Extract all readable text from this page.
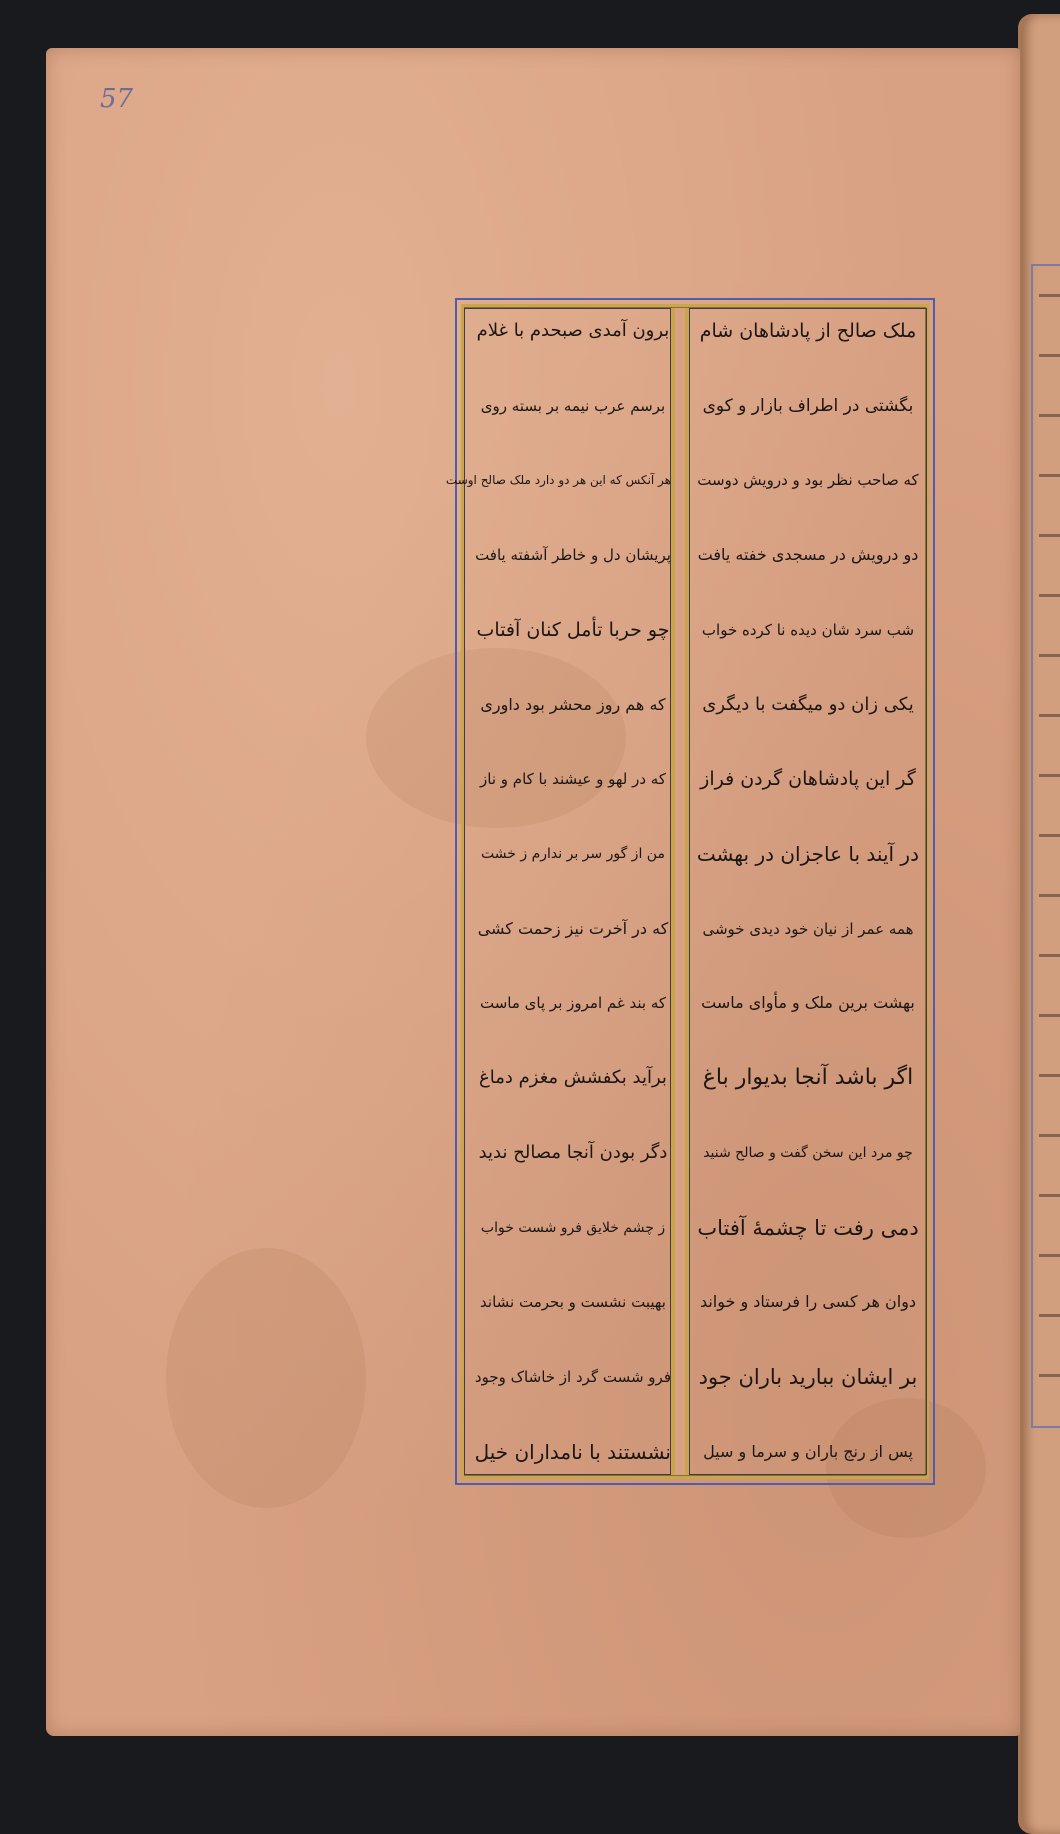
57
ملک صالح از پادشاهان شام
بگشتی در اطراف بازار و کوی
که صاحب نظر بود و درویش دوست
دو درویش در مسجدی خفته یافت
شب سرد شان دیده نا کرده خواب
یکی زان دو میگفت با دیگری
گر این پادشاهان گردن فراز
در آیند با عاجزان در بهشت
همه عمر از نیان خود دیدی خوشی
بهشت برین ملک و مأوای ماست
اگر باشد آنجا بدیوار باغ
چو مرد این سخن گفت و صالح شنید
دمی رفت تا چشمهٔ آفتاب
دوان هر کسی را فرستاد و خواند
بر ایشان ببارید باران جود
پس از رنج باران و سرما و سیل
برون آمدی صبحدم با غلام
برسم عرب نیمه بر بسته روی
هر آنکس که این هر دو دارد ملک صالح اوست
پریشان دل و خاطر آشفته یافت
چو حربا تأمل کنان آفتاب
که هم روز محشر بود داوری
که در لهو و عیشند با کام و ناز
من از گور سر بر ندارم ز خشت
که در آخرت نیز زحمت کشی
که بند غم امروز بر پای ماست
برآید بکفشش مغزم دماغ
دگر بودن آنجا مصالح ندید
ز چشم خلایق فرو شست خواب
بهیبت نشست و بحرمت نشاند
فرو شست گرد از خاشاک وجود
نشستند با نامداران خیل
